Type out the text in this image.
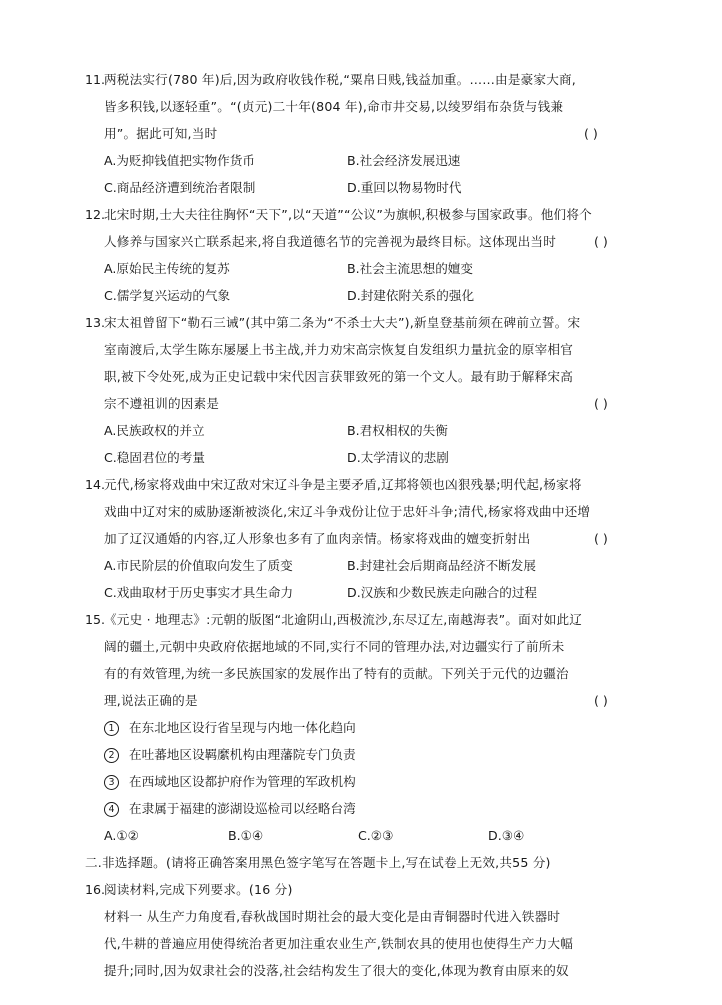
11.
两税法实行(780 年)后,因为政府收钱作税,“粟帛日贱,钱益加重。……由是豪家大商,
皆多积钱,以逐轻重”。“(贞元)二十年(804 年),命市井交易,以绫罗绢布杂货与钱兼
用”。据此可知,当时	( )
A.为贬抑钱值把实物作货币	B.社会经济发展迅速
C.商品经济遭到统治者限制	D.重回以物易物时代
12.
北宋时期,士大夫往往胸怀“天下”,以“天道”“公议”为旗帜,积极参与国家政事。他们将个
人修养与国家兴亡联系起来,将自我道德名节的完善视为最终目标。这体现出当时	( )
A.原始民主传统的复苏	B.社会主流思想的嬗变
C.儒学复兴运动的气象	D.封建依附关系的强化
13.
宋太祖曾留下“勒石三诫”(其中第二条为“不杀士大夫”),新皇登基前须在碑前立誓。宋
室南渡后,太学生陈东屡屡上书主战,并力劝宋高宗恢复自发组织力量抗金的原宰相官
职,被下令处死,成为正史记载中宋代因言获罪致死的第一个文人。最有助于解释宋高
宗不遵祖训的因素是	( )
A.民族政权的并立	B.君权相权的失衡
C.稳固君位的考量	D.太学清议的悲剧
14.
元代,杨家将戏曲中宋辽敌对宋辽斗争是主要矛盾,辽邦将领也凶狠残暴;明代起,杨家将
戏曲中辽对宋的威胁逐渐被淡化,宋辽斗争戏份让位于忠奸斗争;清代,杨家将戏曲中还增
加了辽汉通婚的内容,辽人形象也多有了血肉亲情。杨家将戏曲的嬗变折射出	( )
A.市民阶层的价值取向发生了质变	B.封建社会后期商品经济不断发展
C.戏曲取材于历史事实才具生命力	D.汉族和少数民族走向融合的过程
15.
《元史 · 地理志》:元朝的版图“北逾阴山,西极流沙,东尽辽左,南越海表”。面对如此辽
阔的疆土,元朝中央政府依据地域的不同,实行不同的管理办法,对边疆实行了前所未
有的有效管理,为统一多民族国家的发展作出了特有的贡献。下列关于元代的边疆治
理,说法正确的是	( )
1 在东北地区设行省呈现与内地一体化趋向
2 在吐蕃地区设羁縻机构由理藩院专门负责
3 在西域地区设都护府作为管理的军政机构
4 在隶属于福建的澎湖设巡检司以经略台湾
A.①②	B.①④	C.②③	D.③④
二.非选择题。(请将正确答案用黑色签字笔写在答题卡上,写在试卷上无效,共55 分)
16.
阅读材料,完成下列要求。(16 分)
材料一 从生产力角度看,春秋战国时期社会的最大变化是由青铜器时代进入铁器时
代,牛耕的普遍应用使得统治者更加注重农业生产,铁制农具的使用也使得生产力大幅
提升;同时,因为奴隶社会的没落,社会结构发生了很大的变化,体现为教育由原来的奴
